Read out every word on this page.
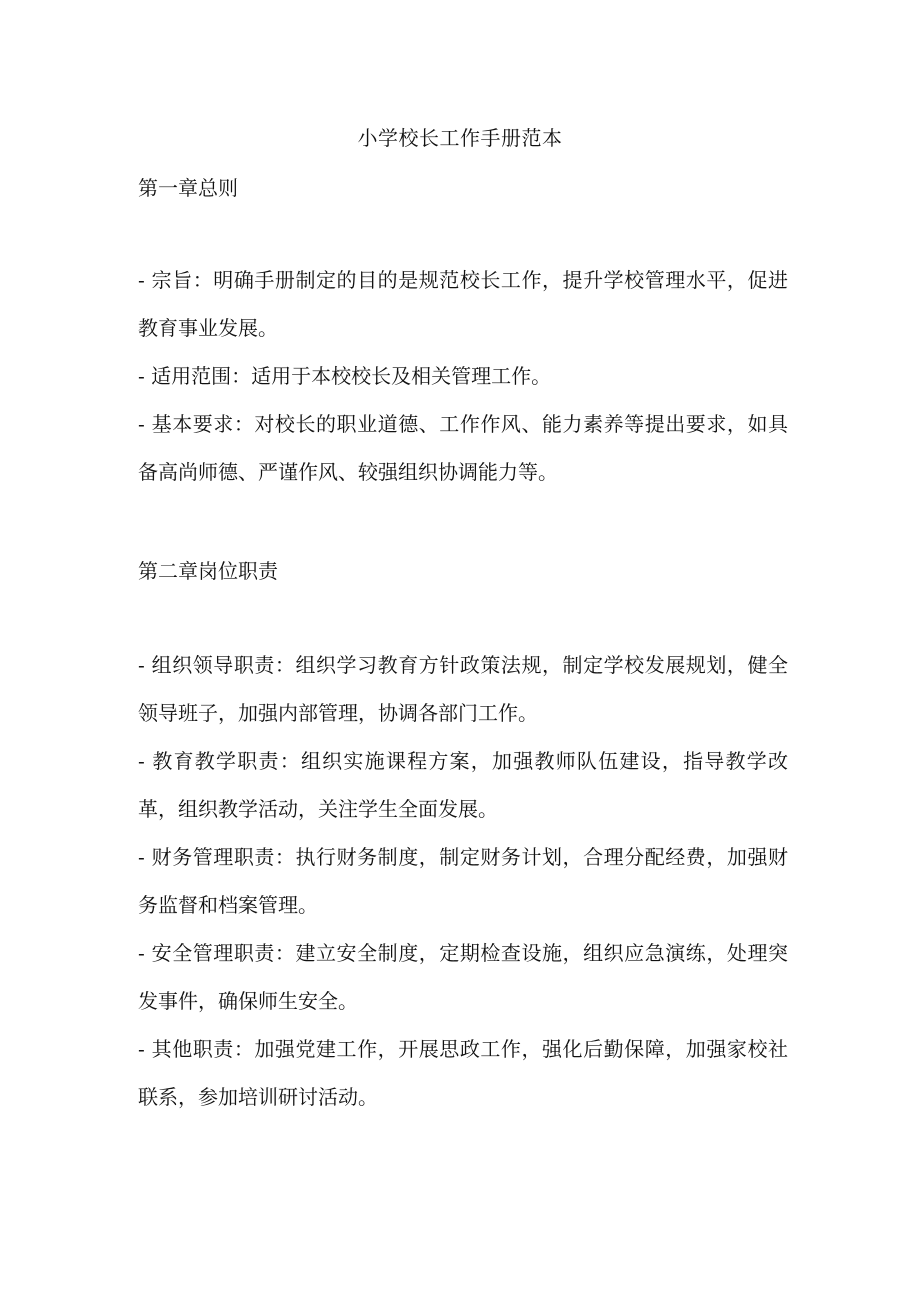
小学校长工作手册范本
第一章总则

- 宗旨：明确手册制定的目的是规范校长工作，提升学校管理水平，促进教育事业发展。

- 适用范围：适用于本校校长及相关管理工作。

- 基本要求：对校长的职业道德、工作作风、能力素养等提出要求，如具备高尚师德、严谨作风、较强组织协调能力等。

第二章岗位职责

- 组织领导职责：组织学习教育方针政策法规，制定学校发展规划，健全领导班子，加强内部管理，协调各部门工作。

- 教育教学职责：组织实施课程方案，加强教师队伍建设，指导教学改革，组织教学活动，关注学生全面发展。

- 财务管理职责：执行财务制度，制定财务计划，合理分配经费，加强财务监督和档案管理。

- 安全管理职责：建立安全制度，定期检查设施，组织应急演练，处理突发事件，确保师生安全。

- 其他职责：加强党建工作，开展思政工作，强化后勤保障，加强家校社联系，参加培训研讨活动。
